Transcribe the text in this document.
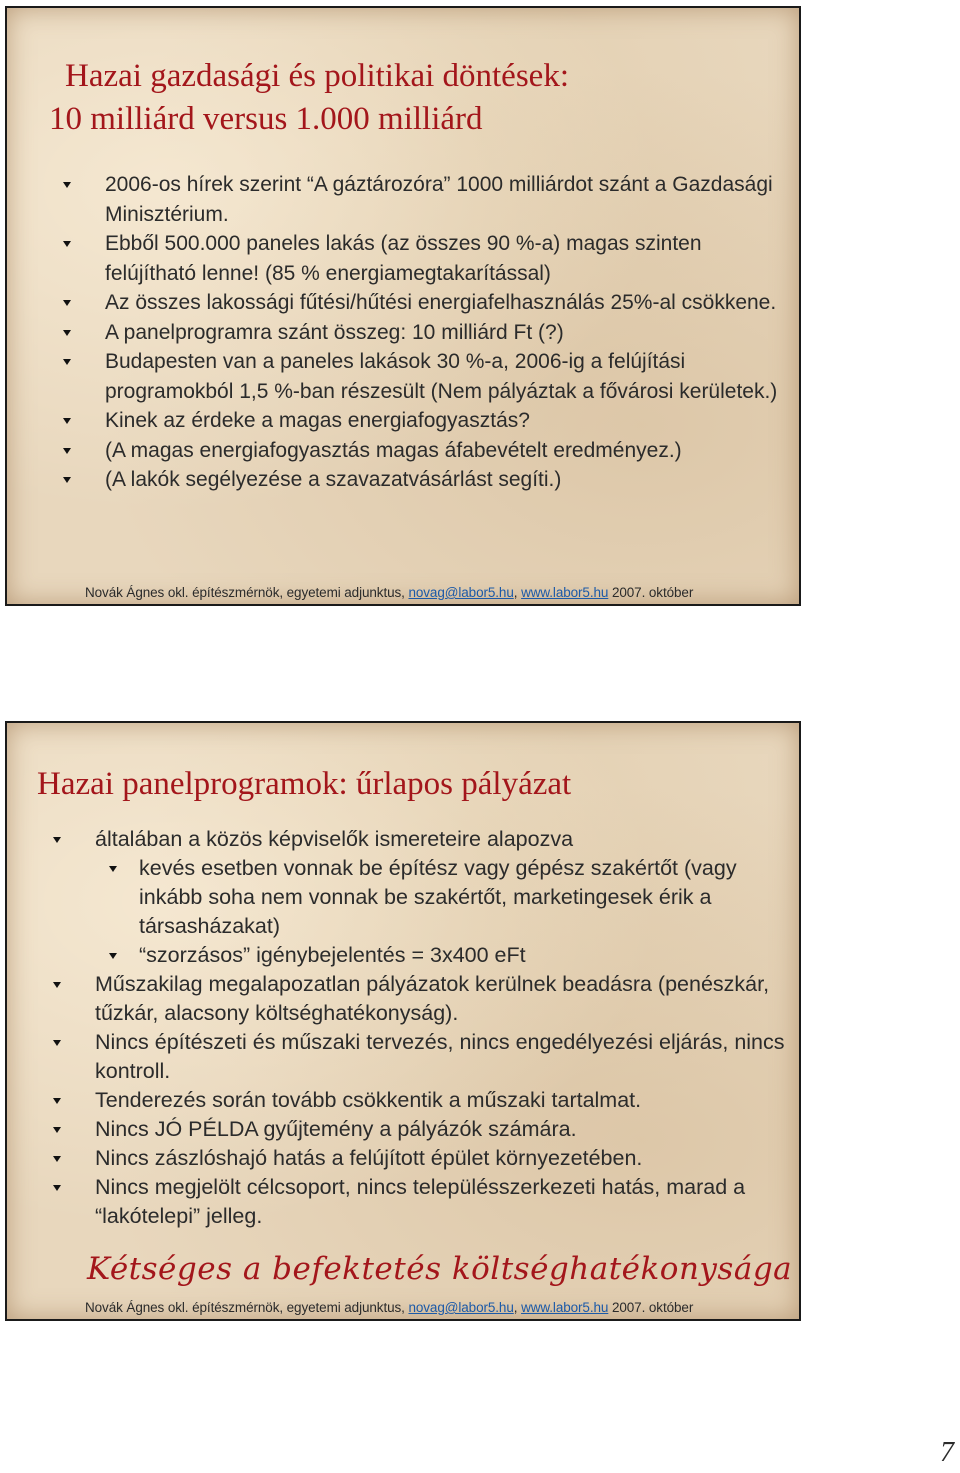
Hazai gazdasági és politikai döntések:
10 milliárd versus 1.000 milliárd
2006-os hírek szerint “A gáztározóra” 1000 milliárdot szánt a Gazdasági Minisztérium.
Ebből 500.000 paneles lakás (az összes 90 %-a) magas szinten felújítható lenne! (85 % energiamegtakarítással)
Az összes lakossági fűtési/hűtési energiafelhasználás 25%-al csökkene.
A panelprogramra szánt összeg: 10 milliárd Ft (?)
Budapesten van a paneles lakások 30 %-a, 2006-ig a felújítási programokból 1,5 %-ban részesült (Nem pályáztak a fővárosi kerületek.)
Kinek az érdeke a magas energiafogyasztás?
(A magas energiafogyasztás magas áfabevételt eredményez.)
(A lakók segélyezése a szavazatvásárlást segíti.)
Novák Ágnes okl. építészmérnök, egyetemi adjunktus, novag@labor5.hu, www.labor5.hu 2007. október
Hazai panelprogramok: űrlapos pályázat
általában a közös képviselők ismereteire alapozva
kevés esetben vonnak be építész vagy gépész szakértőt (vagy inkább soha nem vonnak be szakértőt, marketingesek érik a társasházakat)
“szorzásos” igénybejelentés = 3x400 eFt
Műszakilag megalapozatlan pályázatok kerülnek beadásra (penészkár, tűzkár, alacsony költséghatékonyság).
Nincs építészeti és műszaki tervezés, nincs engedélyezési eljárás, nincs kontroll.
Tenderezés során tovább csökkentik a műszaki tartalmat.
Nincs JÓ PÉLDA gyűjtemény a pályázók számára.
Nincs zászlóshajó hatás a felújított épület környezetében.
Nincs megjelölt célcsoport, nincs településszerkezeti hatás, marad a “lakótelepi” jelleg.
Kétséges a befektetés költséghatékonysága
Novák Ágnes okl. építészmérnök, egyetemi adjunktus, novag@labor5.hu, www.labor5.hu 2007. október
7
